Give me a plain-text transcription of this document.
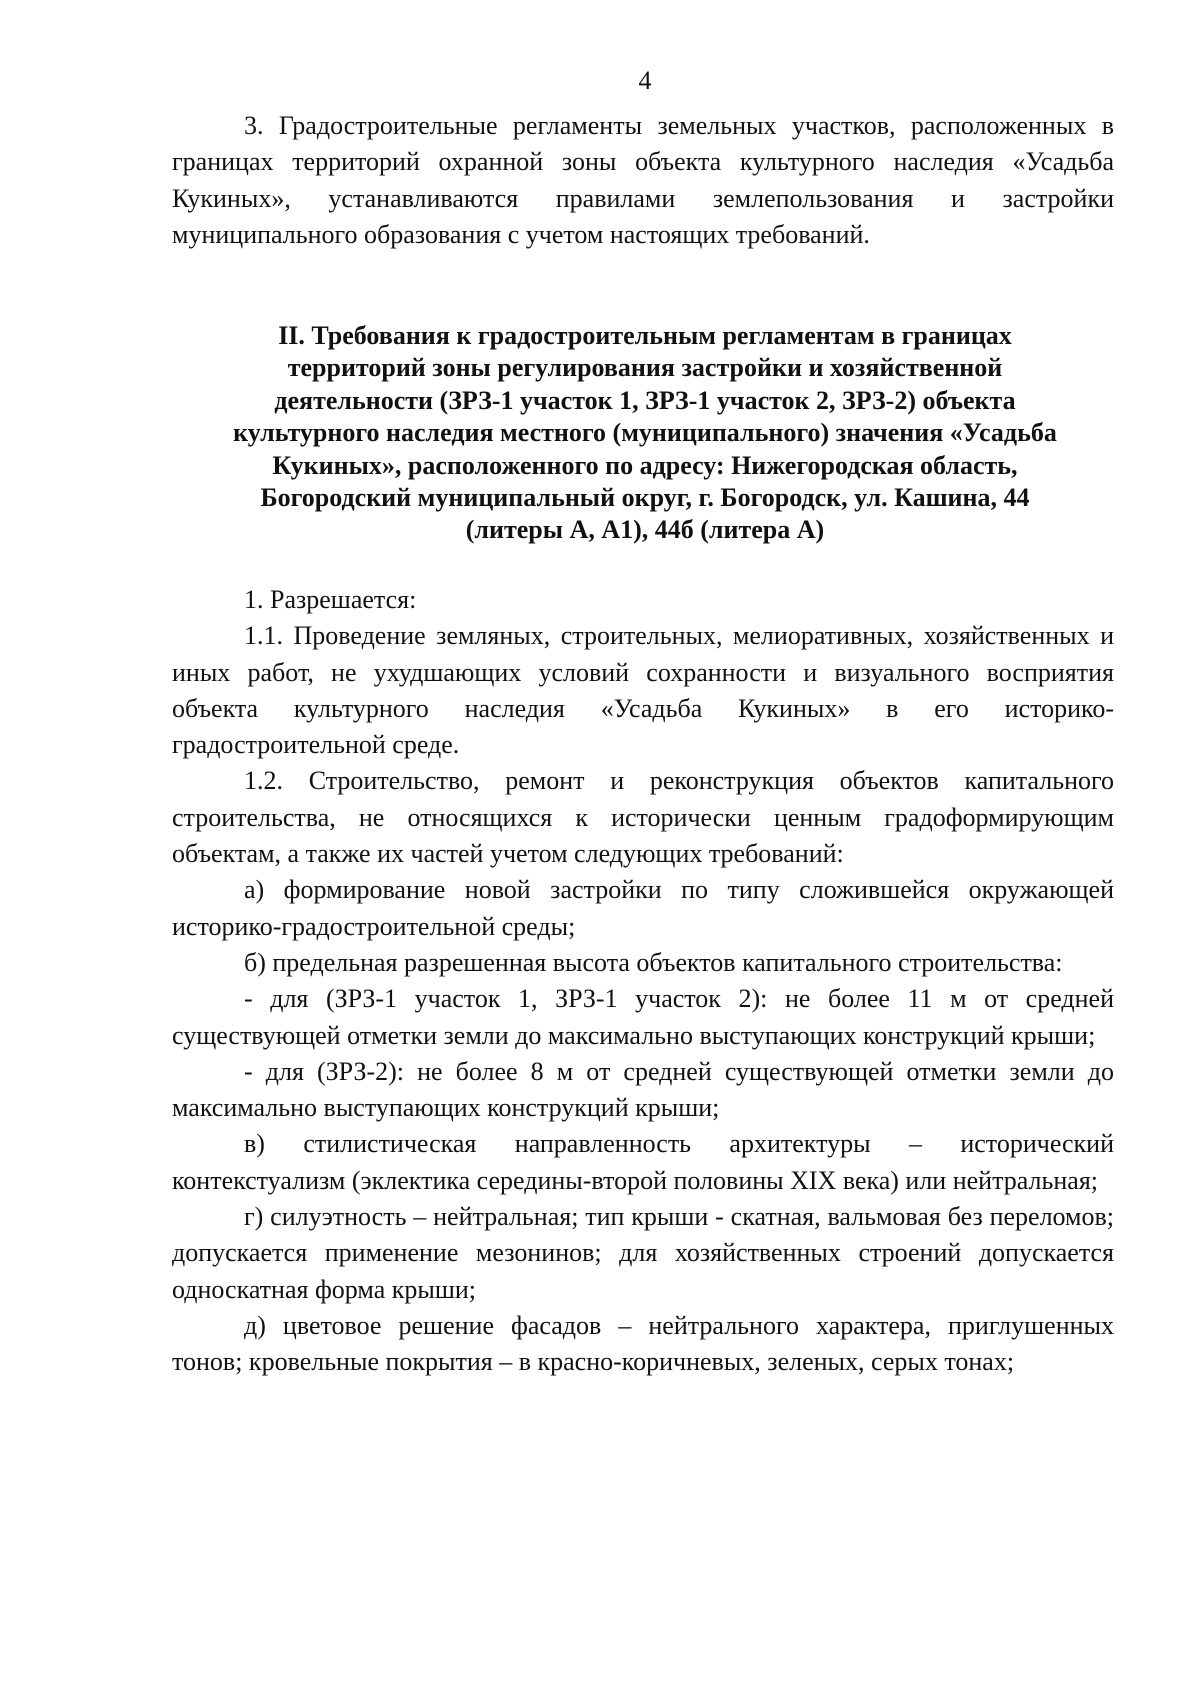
4

3. Градостроительные регламенты земельных участков, расположенных в границах территорий охранной зоны объекта культурного наследия «Усадьба Кукиных», устанавливаются правилами землепользования и застройки муниципального образования с учетом настоящих требований.

II. Требования к градостроительным регламентам в границах
территорий зоны регулирования застройки и хозяйственной
деятельности (ЗРЗ-1 участок 1, ЗРЗ-1 участок 2, ЗРЗ-2) объекта
культурного наследия местного (муниципального) значения «Усадьба
Кукиных», расположенного по адресу: Нижегородская область,
Богородский муниципальный округ, г. Богородск, ул. Кашина, 44
(литеры А, А1), 44б (литера А)

1. Разрешается:

1.1. Проведение земляных, строительных, мелиоративных, хозяйственных и иных работ, не ухудшающих условий сохранности и визуального восприятия объекта культурного наследия «Усадьба Кукиных» в его историко-градостроительной среде.

1.2. Строительство, ремонт и реконструкция объектов капитального строительства, не относящихся к исторически ценным градоформирующим объектам, а также их частей учетом следующих требований:

а) формирование новой застройки по типу сложившейся окружающей историко-градостроительной среды;

б) предельная разрешенная высота объектов капитального строительства:

- для (ЗРЗ-1 участок 1, ЗРЗ-1 участок 2): не более 11 м от средней существующей отметки земли до максимально выступающих конструкций крыши;

- для (ЗРЗ-2): не более 8 м от средней существующей отметки земли до максимально выступающих конструкций крыши;

в) стилистическая направленность архитектуры – исторический контекстуализм (эклектика середины-второй половины XIX века) или нейтральная;

г) силуэтность – нейтральная; тип крыши - скатная, вальмовая без переломов; допускается применение мезонинов; для хозяйственных строений допускается односкатная форма крыши;

д) цветовое решение фасадов – нейтрального характера, приглушенных тонов; кровельные покрытия – в красно-коричневых, зеленых, серых тонах;
